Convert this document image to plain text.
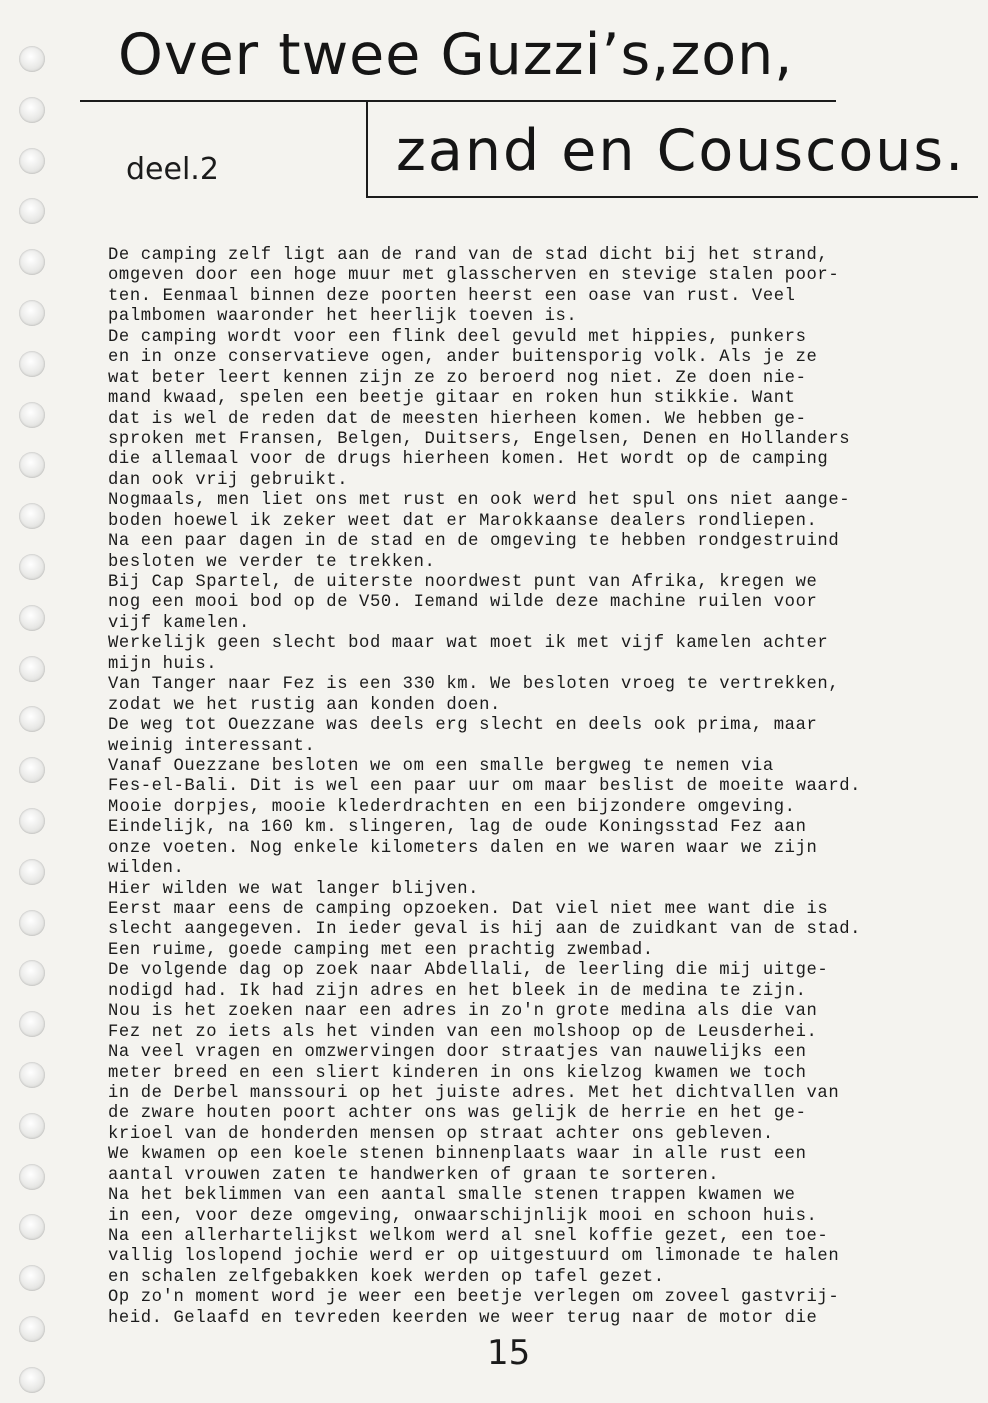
Over twee Guzzi’s,zon,
deel.2	zand en Couscous.
De camping zelf ligt aan de rand van de stad dicht bij het strand,
omgeven door een hoge muur met glasscherven en stevige stalen poor-
ten. Eenmaal binnen deze poorten heerst een oase van rust. Veel
palmbomen waaronder het heerlijk toeven is.
De camping wordt voor een flink deel gevuld met hippies, punkers
en in onze conservatieve ogen, ander buitensporig volk. Als je ze
wat beter leert kennen zijn ze zo beroerd nog niet. Ze doen nie-
mand kwaad, spelen een beetje gitaar en roken hun stikkie. Want
dat is wel de reden dat de meesten hierheen komen. We hebben ge-
sproken met Fransen, Belgen, Duitsers, Engelsen, Denen en Hollanders
die allemaal voor de drugs hierheen komen. Het wordt op de camping
dan ook vrij gebruikt.
Nogmaals, men liet ons met rust en ook werd het spul ons niet aange-
boden hoewel ik zeker weet dat er Marokkaanse dealers rondliepen.
Na een paar dagen in de stad en de omgeving te hebben rondgestruind
besloten we verder te trekken.
Bij Cap Spartel, de uiterste noordwest punt van Afrika, kregen we
nog een mooi bod op de V50. Iemand wilde deze machine ruilen voor
vijf kamelen.
Werkelijk geen slecht bod maar wat moet ik met vijf kamelen achter
mijn huis.
Van Tanger naar Fez is een 330 km. We besloten vroeg te vertrekken,
zodat we het rustig aan konden doen.
De weg tot Ouezzane was deels erg slecht en deels ook prima, maar
weinig interessant.
Vanaf Ouezzane besloten we om een smalle bergweg te nemen via
Fes-el-Bali. Dit is wel een paar uur om maar beslist de moeite waard.
Mooie dorpjes, mooie klederdrachten en een bijzondere omgeving.
Eindelijk, na 160 km. slingeren, lag de oude Koningsstad Fez aan
onze voeten. Nog enkele kilometers dalen en we waren waar we zijn
wilden.
Hier wilden we wat langer blijven.
Eerst maar eens de camping opzoeken. Dat viel niet mee want die is
slecht aangegeven. In ieder geval is hij aan de zuidkant van de stad.
Een ruime, goede camping met een prachtig zwembad.
De volgende dag op zoek naar Abdellali, de leerling die mij uitge-
nodigd had. Ik had zijn adres en het bleek in de medina te zijn.
Nou is het zoeken naar een adres in zo'n grote medina als die van
Fez net zo iets als het vinden van een molshoop op de Leusderhei.
Na veel vragen en omzwervingen door straatjes van nauwelijks een
meter breed en een sliert kinderen in ons kielzog kwamen we toch
in de Derbel manssouri op het juiste adres. Met het dichtvallen van
de zware houten poort achter ons was gelijk de herrie en het ge-
krioel van de honderden mensen op straat achter ons gebleven.
We kwamen op een koele stenen binnenplaats waar in alle rust een
aantal vrouwen zaten te handwerken of graan te sorteren.
Na het beklimmen van een aantal smalle stenen trappen kwamen we
in een, voor deze omgeving, onwaarschijnlijk mooi en schoon huis.
Na een allerhartelijkst welkom werd al snel koffie gezet, een toe-
vallig loslopend jochie werd er op uitgestuurd om limonade te halen
en schalen zelfgebakken koek werden op tafel gezet.
Op zo'n moment word je weer een beetje verlegen om zoveel gastvrij-
heid. Gelaafd en tevreden keerden we weer terug naar de motor die
15
